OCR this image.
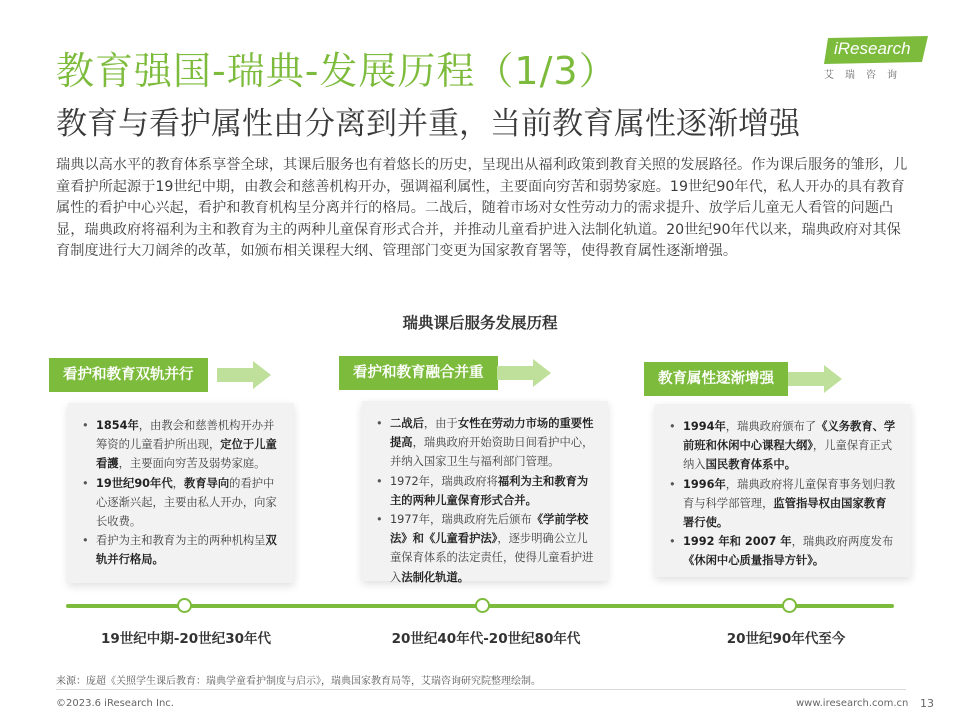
教育强国-瑞典-发展历程（1/3）
教育与看护属性由分离到并重，当前教育属性逐渐增强
iResearch
艾瑞咨询

瑞典以高水平的教育体系享誉全球，其课后服务也有着悠长的历史，呈现出从福利政策到教育关照的发展路径。作为课后服务的雏形，儿童看护所起源于19世纪中期，由教会和慈善机构开办，强调福利属性，主要面向穷苦和弱势家庭。19世纪90年代，私人开办的具有教育属性的看护中心兴起，看护和教育机构呈分离并行的格局。二战后，随着市场对女性劳动力的需求提升、放学后儿童无人看管的问题凸显，瑞典政府将福利为主和教育为主的两种儿童保育形式合并，并推动儿童看护进入法制化轨道。20世纪90年代以来，瑞典政府对其保育制度进行大刀阔斧的改革，如颁布相关课程大纲、管理部门变更为国家教育署等，使得教育属性逐渐增强。

瑞典课后服务发展历程
看护和教育双轨并行
• 1854年，由教会和慈善机构开办并筹资的儿童看护所出现，定位于儿童看護，主要面向穷苦及弱势家庭。
• 19世纪90年代，教育导向的看护中心逐渐兴起，主要由私人开办，向家长收费。
• 看护为主和教育为主的两种机构呈双轨并行格局。
看护和教育融合并重
• 二战后，由于女性在劳动力市场的重要性提高，瑞典政府开始资助日间看护中心，并纳入国家卫生与福利部门管理。
• 1972年，瑞典政府将福利为主和教育为主的两种儿童保育形式合并。
• 1977年，瑞典政府先后颁布《学前学校法》和《儿童看护法》，逐步明确公立儿童保育体系的法定责任，使得儿童看护进入法制化轨道。
教育属性逐渐增强
• 1994年，瑞典政府颁布了《义务教育、学前班和休闲中心课程大纲》，儿童保育正式纳入国民教育体系中。
• 1996年，瑞典政府将儿童保育事务划归教育与科学部管理，监管指导权由国家教育署行使。
• 1992 年和 2007 年，瑞典政府两度发布《休闲中心质量指导方针》。
19世纪中期-20世纪30年代	20世纪40年代-20世纪80年代	20世纪90年代至今
来源：庞超《关照学生课后教育：瑞典学童看护制度与启示》，瑞典国家教育局等，艾瑞咨询研究院整理绘制。
©2023.6 iResearch Inc.	www.iresearch.com.cn 13
